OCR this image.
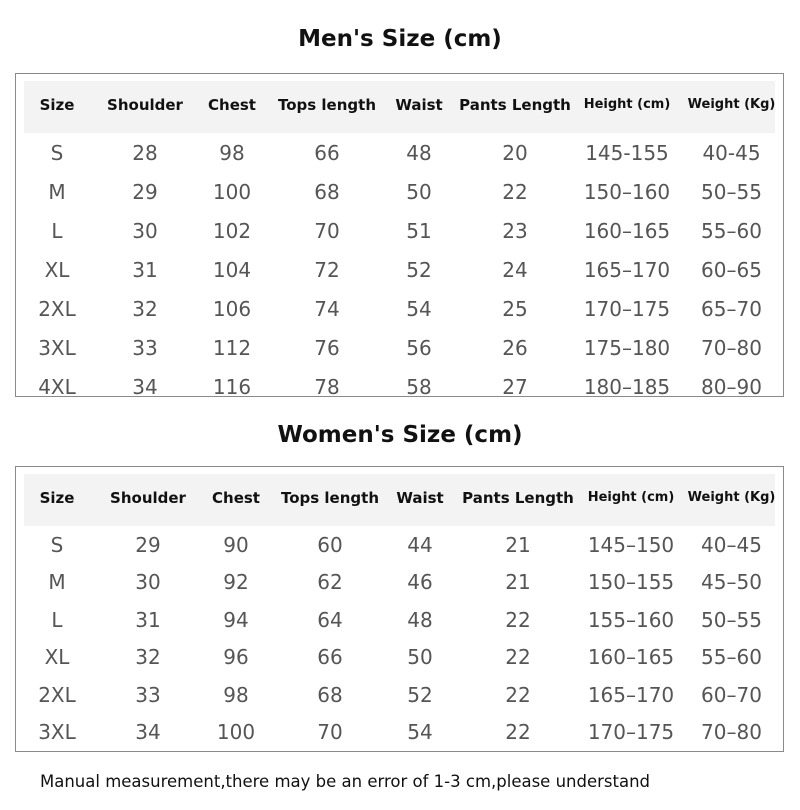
Men's Size (cm)
Size	Shoulder	Chest	Tops length	Waist	Pants Length	Height (cm)	Weight (Kg)
S	28	98	66	48	20	145-155	40-45
M	29	100	68	50	22	150–160	50–55
L	30	102	70	51	23	160–165	55–60
XL	31	104	72	52	24	165–170	60–65
2XL	32	106	74	54	25	170–175	65–70
3XL	33	112	76	56	26	175–180	70–80
4XL	34	116	78	58	27	180–185	80–90
Women's Size (cm)
Size	Shoulder	Chest	Tops length	Waist	Pants Length	Height (cm)	Weight (Kg)
S	29	90	60	44	21	145–150	40–45
M	30	92	62	46	21	150–155	45–50
L	31	94	64	48	22	155–160	50–55
XL	32	96	66	50	22	160–165	55–60
2XL	33	98	68	52	22	165–170	60–70
3XL	34	100	70	54	22	170–175	70–80
Manual measurement,there may be an error of 1-3 cm,please understand
